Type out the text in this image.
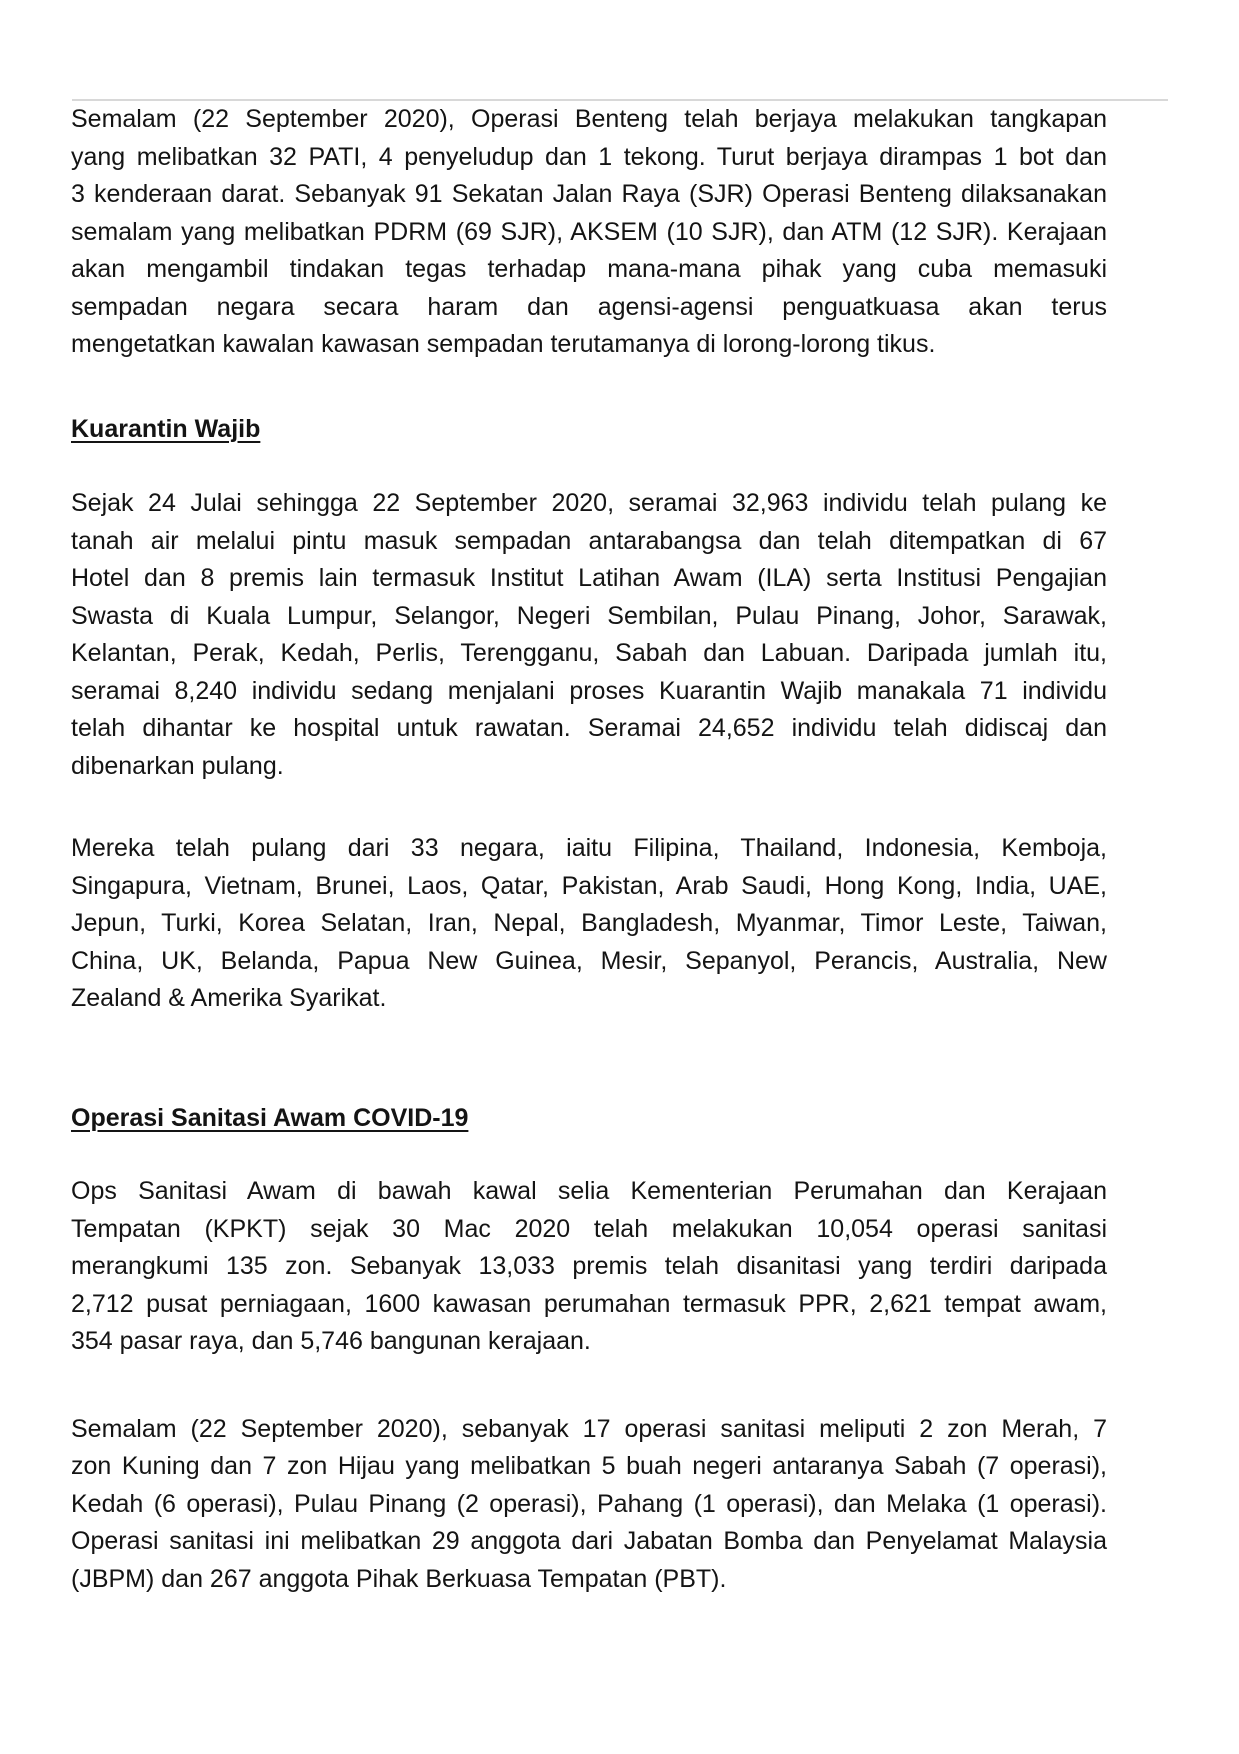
Semalam (22 September 2020), Operasi Benteng telah berjaya melakukan tangkapan
yang melibatkan 32 PATI, 4 penyeludup dan 1 tekong. Turut berjaya dirampas 1 bot dan
3 kenderaan darat. Sebanyak 91 Sekatan Jalan Raya (SJR) Operasi Benteng dilaksanakan
semalam yang melibatkan PDRM (69 SJR), AKSEM (10 SJR), dan ATM (12 SJR). Kerajaan
akan mengambil tindakan tegas terhadap mana-mana pihak yang cuba memasuki
sempadan negara secara haram dan agensi-agensi penguatkuasa akan terus
mengetatkan kawalan kawasan sempadan terutamanya di lorong-lorong tikus.
Kuarantin Wajib
Sejak 24 Julai sehingga 22 September 2020, seramai 32,963 individu telah pulang ke
tanah air melalui pintu masuk sempadan antarabangsa dan telah ditempatkan di 67
Hotel dan 8 premis lain termasuk Institut Latihan Awam (ILA) serta Institusi Pengajian
Swasta di Kuala Lumpur, Selangor, Negeri Sembilan, Pulau Pinang, Johor, Sarawak,
Kelantan, Perak, Kedah, Perlis, Terengganu, Sabah dan Labuan. Daripada jumlah itu,
seramai 8,240 individu sedang menjalani proses Kuarantin Wajib manakala 71 individu
telah dihantar ke hospital untuk rawatan. Seramai 24,652 individu telah didiscaj dan
dibenarkan pulang.
Mereka telah pulang dari 33 negara, iaitu Filipina, Thailand, Indonesia, Kemboja,
Singapura, Vietnam, Brunei, Laos, Qatar, Pakistan, Arab Saudi, Hong Kong, India, UAE,
Jepun, Turki, Korea Selatan, Iran, Nepal, Bangladesh, Myanmar, Timor Leste, Taiwan,
China, UK, Belanda, Papua New Guinea, Mesir, Sepanyol, Perancis, Australia, New
Zealand & Amerika Syarikat.
Operasi Sanitasi Awam COVID-19
Ops Sanitasi Awam di bawah kawal selia Kementerian Perumahan dan Kerajaan
Tempatan (KPKT) sejak 30 Mac 2020 telah melakukan 10,054 operasi sanitasi
merangkumi 135 zon. Sebanyak 13,033 premis telah disanitasi yang terdiri daripada
2,712 pusat perniagaan, 1600 kawasan perumahan termasuk PPR, 2,621 tempat awam,
354 pasar raya, dan 5,746 bangunan kerajaan.
Semalam (22 September 2020), sebanyak 17 operasi sanitasi meliputi 2 zon Merah, 7
zon Kuning dan 7 zon Hijau yang melibatkan 5 buah negeri antaranya Sabah (7 operasi),
Kedah (6 operasi), Pulau Pinang (2 operasi), Pahang (1 operasi), dan Melaka (1 operasi).
Operasi sanitasi ini melibatkan 29 anggota dari Jabatan Bomba dan Penyelamat Malaysia
(JBPM) dan 267 anggota Pihak Berkuasa Tempatan (PBT).
